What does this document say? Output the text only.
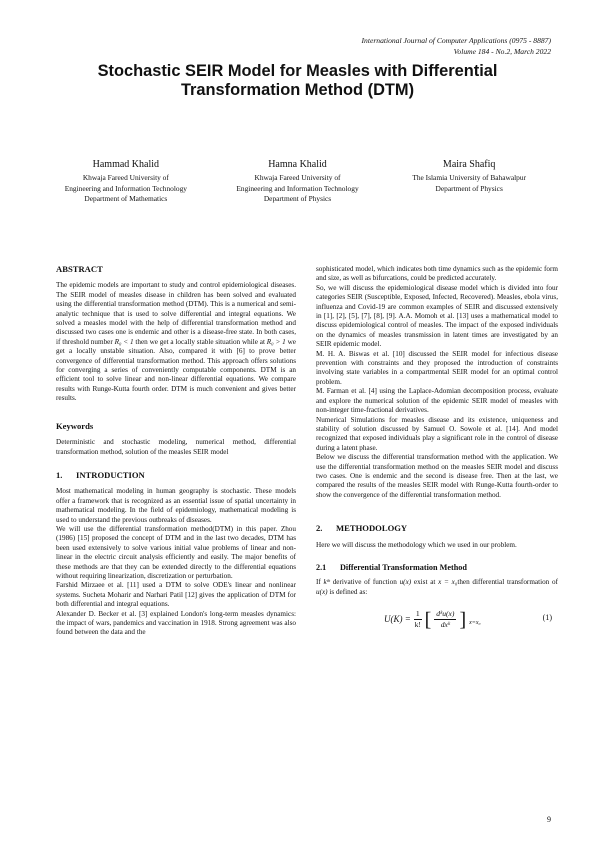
International Journal of Computer Applications (0975 - 8887)
Volume 184 - No.2, March 2022
Stochastic SEIR Model for Measles with Differential Transformation Method (DTM)
Hammad Khalid
Khwaja Fareed University of
Engineering and Information Technology
Department of Mathematics
Hamna Khalid
Khwaja Fareed University of
Engineering and Information Technology
Department of Physics
Maira Shafiq
The Islamia University of Bahawalpur
Department of Physics
ABSTRACT

The epidemic models are important to study and control epidemiological diseases. The SEIR model of measles disease in children has been solved and evaluated using the differential transformation method (DTM). This is a numerical and semi-analytic technique that is used to solve differential and integral equations. We solved a measles model with the help of differential transformation method and discussed two cases one is endemic and other is a disease-free state. In both cases, if threshold number R₀ < 1 then we get a locally stable situation while at R₀ > 1 we get a locally unstable situation. Also, compared it with [6] to prove better convergence of differential transformation method. This approach offers solutions for converging a series of conveniently computable components. DTM is an efficient tool to solve linear and non-linear differential equations. We compare results with Runge-Kutta fourth order. DTM is much convenient and gives better results.

Keywords

Deterministic and stochastic modeling, numerical method, differential transformation method, solution of the measles SEIR model

1. INTRODUCTION

Most mathematical modeling in human geography is stochastic. These models offer a framework that is recognized as an essential issue of spatial uncertainty in mathematical modeling. In the field of epidemiology, mathematical modeling is used to understand the previous outbreaks of diseases.

We will use the differential transformation method(DTM) in this paper. Zhou (1986) [15] proposed the concept of DTM and in the last two decades, DTM has been used extensively to solve various initial value problems of linear and non-linear in the electric circuit analysis efficiently and easily. The major benefits of these methods are that they can be extended directly to the differential equations without requiring linearization, discretization or perturbation.

Farshid Mirzaee et al. [11] used a DTM to solve ODE's linear and nonlinear systems. Sucheta Moharir and Narhari Patil [12] gives the application of DTM for both differential and integral equations.

Alexander D. Becker et al. [3] explained London's long-term measles dynamics: the impact of wars, pandemics and vaccination in 1918. Strong agreement was also found between the data and the

sophisticated model, which indicates both time dynamics such as the epidemic form and size, as well as bifurcations, could be predicted accurately.

So, we will discuss the epidemiological disease model which is divided into four categories SEIR (Susceptible, Exposed, Infected, Recovered). Measles, ebola virus, influenza and Covid-19 are common examples of SEIR and discussed extensively in [1], [2], [5], [7], [8], [9]. A.A. Momoh et al. [13] uses a mathematical model to discuss epidemiological control of measles. The impact of the exposed individuals on the dynamics of measles transmission in latent times are investigated by an SEIR epidemic model.

M. H. A. Biswas et al. [10] discussed the SEIR model for infectious disease prevention with constraints and they proposed the introduction of constraints involving state variables in a compartmental SEIR model for an optimal control problem.

M. Farman et al. [4] using the Laplace-Adomian decomposition process, evaluate and explore the numerical solution of the epidemic SEIR model of measles with non-integer time-fractional derivatives.

Numerical Simulations for measles disease and its existence, uniqueness and stability of solution discussed by Samuel O. Sowole et al. [14]. And model recognized that exposed individuals play a significant role in the control of disease during a latent phase.

Below we discuss the differential transformation method with the application. We use the differential transformation method on the measles SEIR model and discuss two cases. One is endemic and the second is disease free. Then at the last, we compared the results of the measles SEIR model with Runge-Kutta fourth-order to show the convergence of the differential transformation method.

2. METHODOLOGY

Here we will discuss the methodology which we used in our problem.

2.1 Differential Transformation Method

If kᵗʰ derivative of function u(x) exist at x = x₀then differential transformation of u(x) is defined as:

$U(K) = \frac{1}{k!}$ [ $\frac{\text{dᵏu(x)}}{\text{dxᵏ}}$ ] x=x₀
(1)
9
